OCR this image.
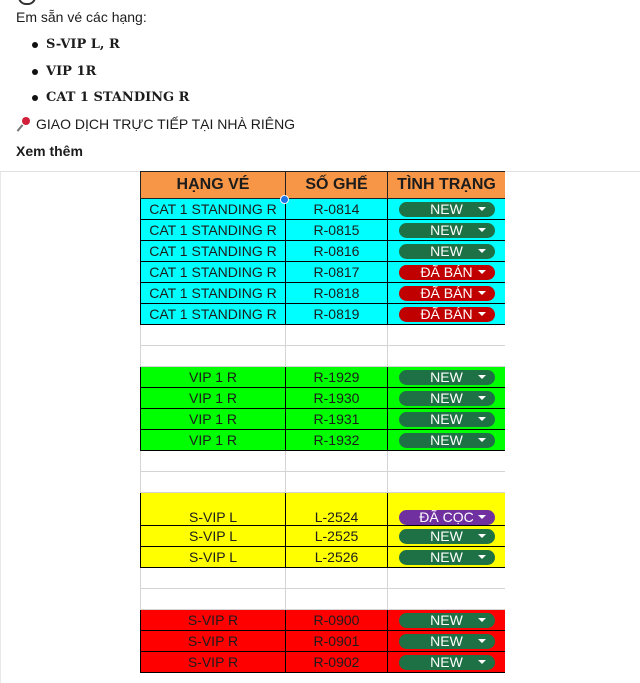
Em sẵn vé các hạng:
S-VIP L, R
VIP 1R
CAT 1 STANDING R
GIAO DỊCH TRỰC TIẾP TẠI NHÀ RIÊNG
Xem thêm
HẠNG VÉ	SỐ GHẾ	TÌNH TRẠNG
CAT 1 STANDING R	R-0814	NEW

CAT 1 STANDING R	R-0815	NEW

CAT 1 STANDING R	R-0816	NEW

CAT 1 STANDING R	R-0817	ĐÃ BÁN

CAT 1 STANDING R	R-0818	ĐÃ BÁN

CAT 1 STANDING R	R-0819	ĐÃ BÁN

VIP 1 R	R-1929	NEW

VIP 1 R	R-1930	NEW

VIP 1 R	R-1931	NEW

VIP 1 R	R-1932	NEW

S-VIP L	L-2524	ĐÃ CỌC

S-VIP L	L-2525	NEW

S-VIP L	L-2526	NEW

S-VIP R	R-0900	NEW

S-VIP R	R-0901	NEW

S-VIP R	R-0902	NEW
